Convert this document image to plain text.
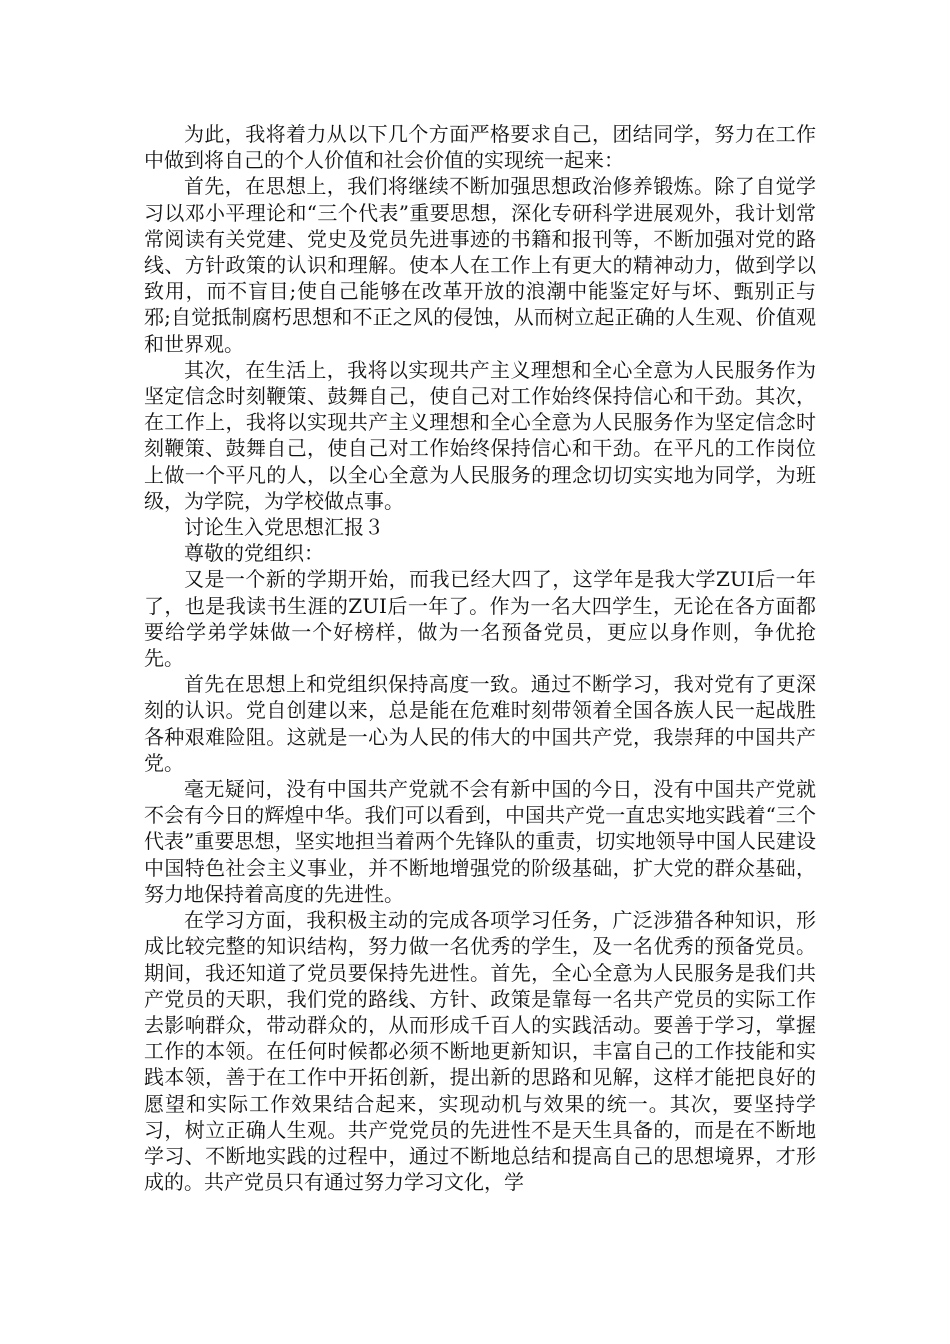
为此，我将着力从以下几个方面严格要求自己，团结同学，努力在工作中做到将自己的个人价值和社会价值的实现统一起来：

首先，在思想上，我们将继续不断加强思想政治修养锻炼。除了自觉学习以邓小平理论和“三个代表”重要思想，深化专研科学进展观外，我计划常常阅读有关党建、党史及党员先进事迹的书籍和报刊等，不断加强对党的路线、方针政策的认识和理解。使本人在工作上有更大的精神动力，做到学以致用，而不盲目;使自己能够在改革开放的浪潮中能鉴定好与坏、甄别正与邪;自觉抵制腐朽思想和不正之风的侵蚀，从而树立起正确的人生观、价值观和世界观。

其次，在生活上，我将以实现共产主义理想和全心全意为人民服务作为坚定信念时刻鞭策、鼓舞自己，使自己对工作始终保持信心和干劲。其次，在工作上，我将以实现共产主义理想和全心全意为人民服务作为坚定信念时刻鞭策、鼓舞自己，使自己对工作始终保持信心和干劲。在平凡的工作岗位上做一个平凡的人，以全心全意为人民服务的理念切切实实地为同学，为班级，为学院，为学校做点事。

讨论生入党思想汇报３

尊敬的党组织：

又是一个新的学期开始，而我已经大四了，这学年是我大学ZUI后一年了，也是我读书生涯的ZUI后一年了。作为一名大四学生，无论在各方面都要给学弟学妹做一个好榜样，做为一名预备党员，更应以身作则，争优抢先。

首先在思想上和党组织保持高度一致。通过不断学习，我对党有了更深刻的认识。党自创建以来，总是能在危难时刻带领着全国各族人民一起战胜各种艰难险阻。这就是一心为人民的伟大的中国共产党，我崇拜的中国共产党。

毫无疑问，没有中国共产党就不会有新中国的今日，没有中国共产党就不会有今日的辉煌中华。我们可以看到，中国共产党一直忠实地实践着“三个代表”重要思想，坚实地担当着两个先锋队的重责，切实地领导中国人民建设中国特色社会主义事业，并不断地增强党的阶级基础，扩大党的群众基础，努力地保持着高度的先进性。

在学习方面，我积极主动的完成各项学习任务，广泛涉猎各种知识，形成比较完整的知识结构，努力做一名优秀的学生，及一名优秀的预备党员。期间，我还知道了党员要保持先进性。首先，全心全意为人民服务是我们共产党员的天职，我们党的路线、方针、政策是靠每一名共产党员的实际工作去影响群众，带动群众的，从而形成千百人的实践活动。要善于学习，掌握工作的本领。在任何时候都必须不断地更新知识，丰富自己的工作技能和实践本领，善于在工作中开拓创新，提出新的思路和见解，这样才能把良好的愿望和实际工作效果结合起来，实现动机与效果的统一。其次，要坚持学习，树立正确人生观。共产党党员的先进性不是天生具备的，而是在不断地学习、不断地实践的过程中，通过不断地总结和提高自己的思想境界，才形成的。共产党员只有通过努力学习文化，学
